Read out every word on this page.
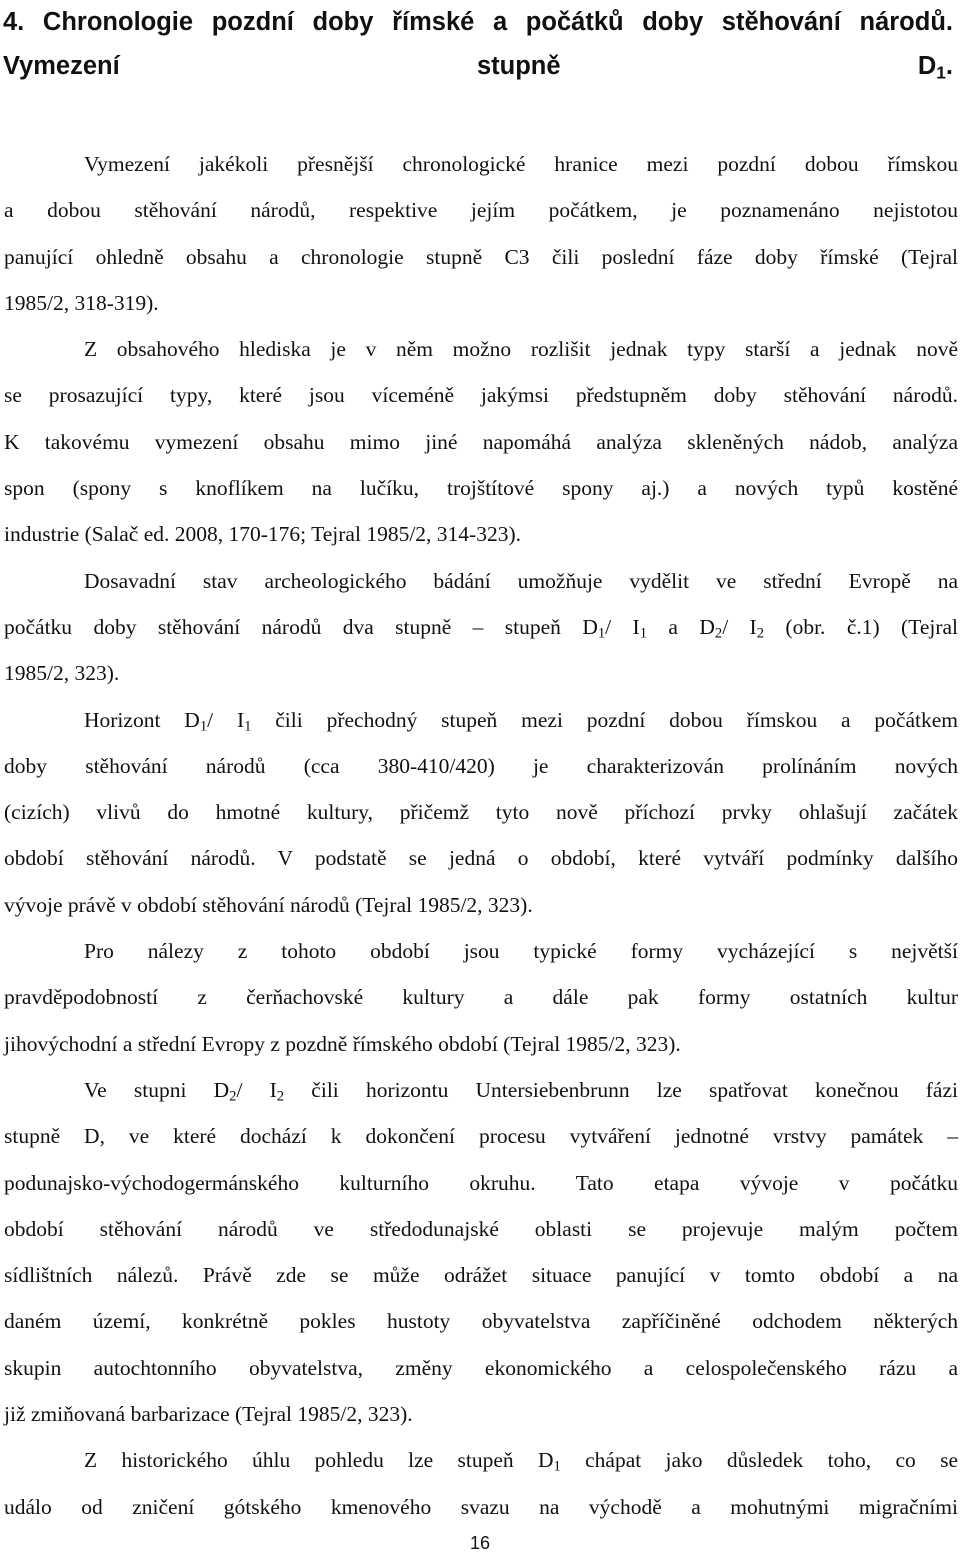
4. Chronologie pozdní doby římské a počátků doby stěhování národů.
Vymezení stupně $D_1$.

Vymezení jakékoli přesnější chronologické hranice mezi pozdní dobou římskou
a dobou stěhování národů, respektive jejím počátkem, je poznamenáno nejistotou
panující ohledně obsahu a chronologie stupně C3 čili poslední fáze doby římské (Tejral
1985/2, 318-319).

Z obsahového hlediska je v něm možno rozlišit jednak typy starší a jednak nově
se prosazující typy, které jsou víceméně jakýmsi předstupněm doby stěhování národů.
K takovému vymezení obsahu mimo jiné napomáhá analýza skleněných nádob, analýza
spon (spony s knoflíkem na lučíku, trojštítové spony aj.) a nových typů kostěné
industrie (Salač ed. 2008, 170-176; Tejral 1985/2, 314-323).

Dosavadní stav archeologického bádání umožňuje vydělit ve střední Evropě na
počátku doby stěhování národů dva stupně – stupeň $D_1/$ $I_1$ a $D_2/$ $I_2$ (obr. č.1) (Tejral
1985/2, 323).

Horizont $D_1/$ $I_1$ čili přechodný stupeň mezi pozdní dobou římskou a počátkem
doby stěhování národů (cca 380-410/420) je charakterizován prolínáním nových
(cizích) vlivů do hmotné kultury, přičemž tyto nově příchozí prvky ohlašují začátek
období stěhování národů. V podstatě se jedná o období, které vytváří podmínky dalšího
vývoje právě v období stěhování národů (Tejral 1985/2, 323).

Pro nálezy z tohoto období jsou typické formy vycházející s největší
pravděpodobností z čerňachovské kultury a dále pak formy ostatních kultur
jihovýchodní a střední Evropy z pozdně římského období (Tejral 1985/2, 323).

Ve stupni $D_2/$ $I_2$ čili horizontu Untersiebenbrunn lze spatřovat konečnou fázi
stupně D, ve které dochází k dokončení procesu vytváření jednotné vrstvy památek –
podunajsko-východogermánského kulturního okruhu. Tato etapa vývoje v počátku
období stěhování národů ve středodunajské oblasti se projevuje malým počtem
sídlištních nálezů. Právě zde se může odrážet situace panující v tomto období a na
daném území, konkrétně pokles hustoty obyvatelstva zapříčiněné odchodem některých
skupin autochtonního obyvatelstva, změny ekonomického a celospolečenského rázu a
již zmiňovaná barbarizace (Tejral 1985/2, 323).

Z historického úhlu pohledu lze stupeň $D_1$ chápat jako důsledek toho, co se
událo od zničení gótského kmenového svazu na východě a mohutnými migračními

16
